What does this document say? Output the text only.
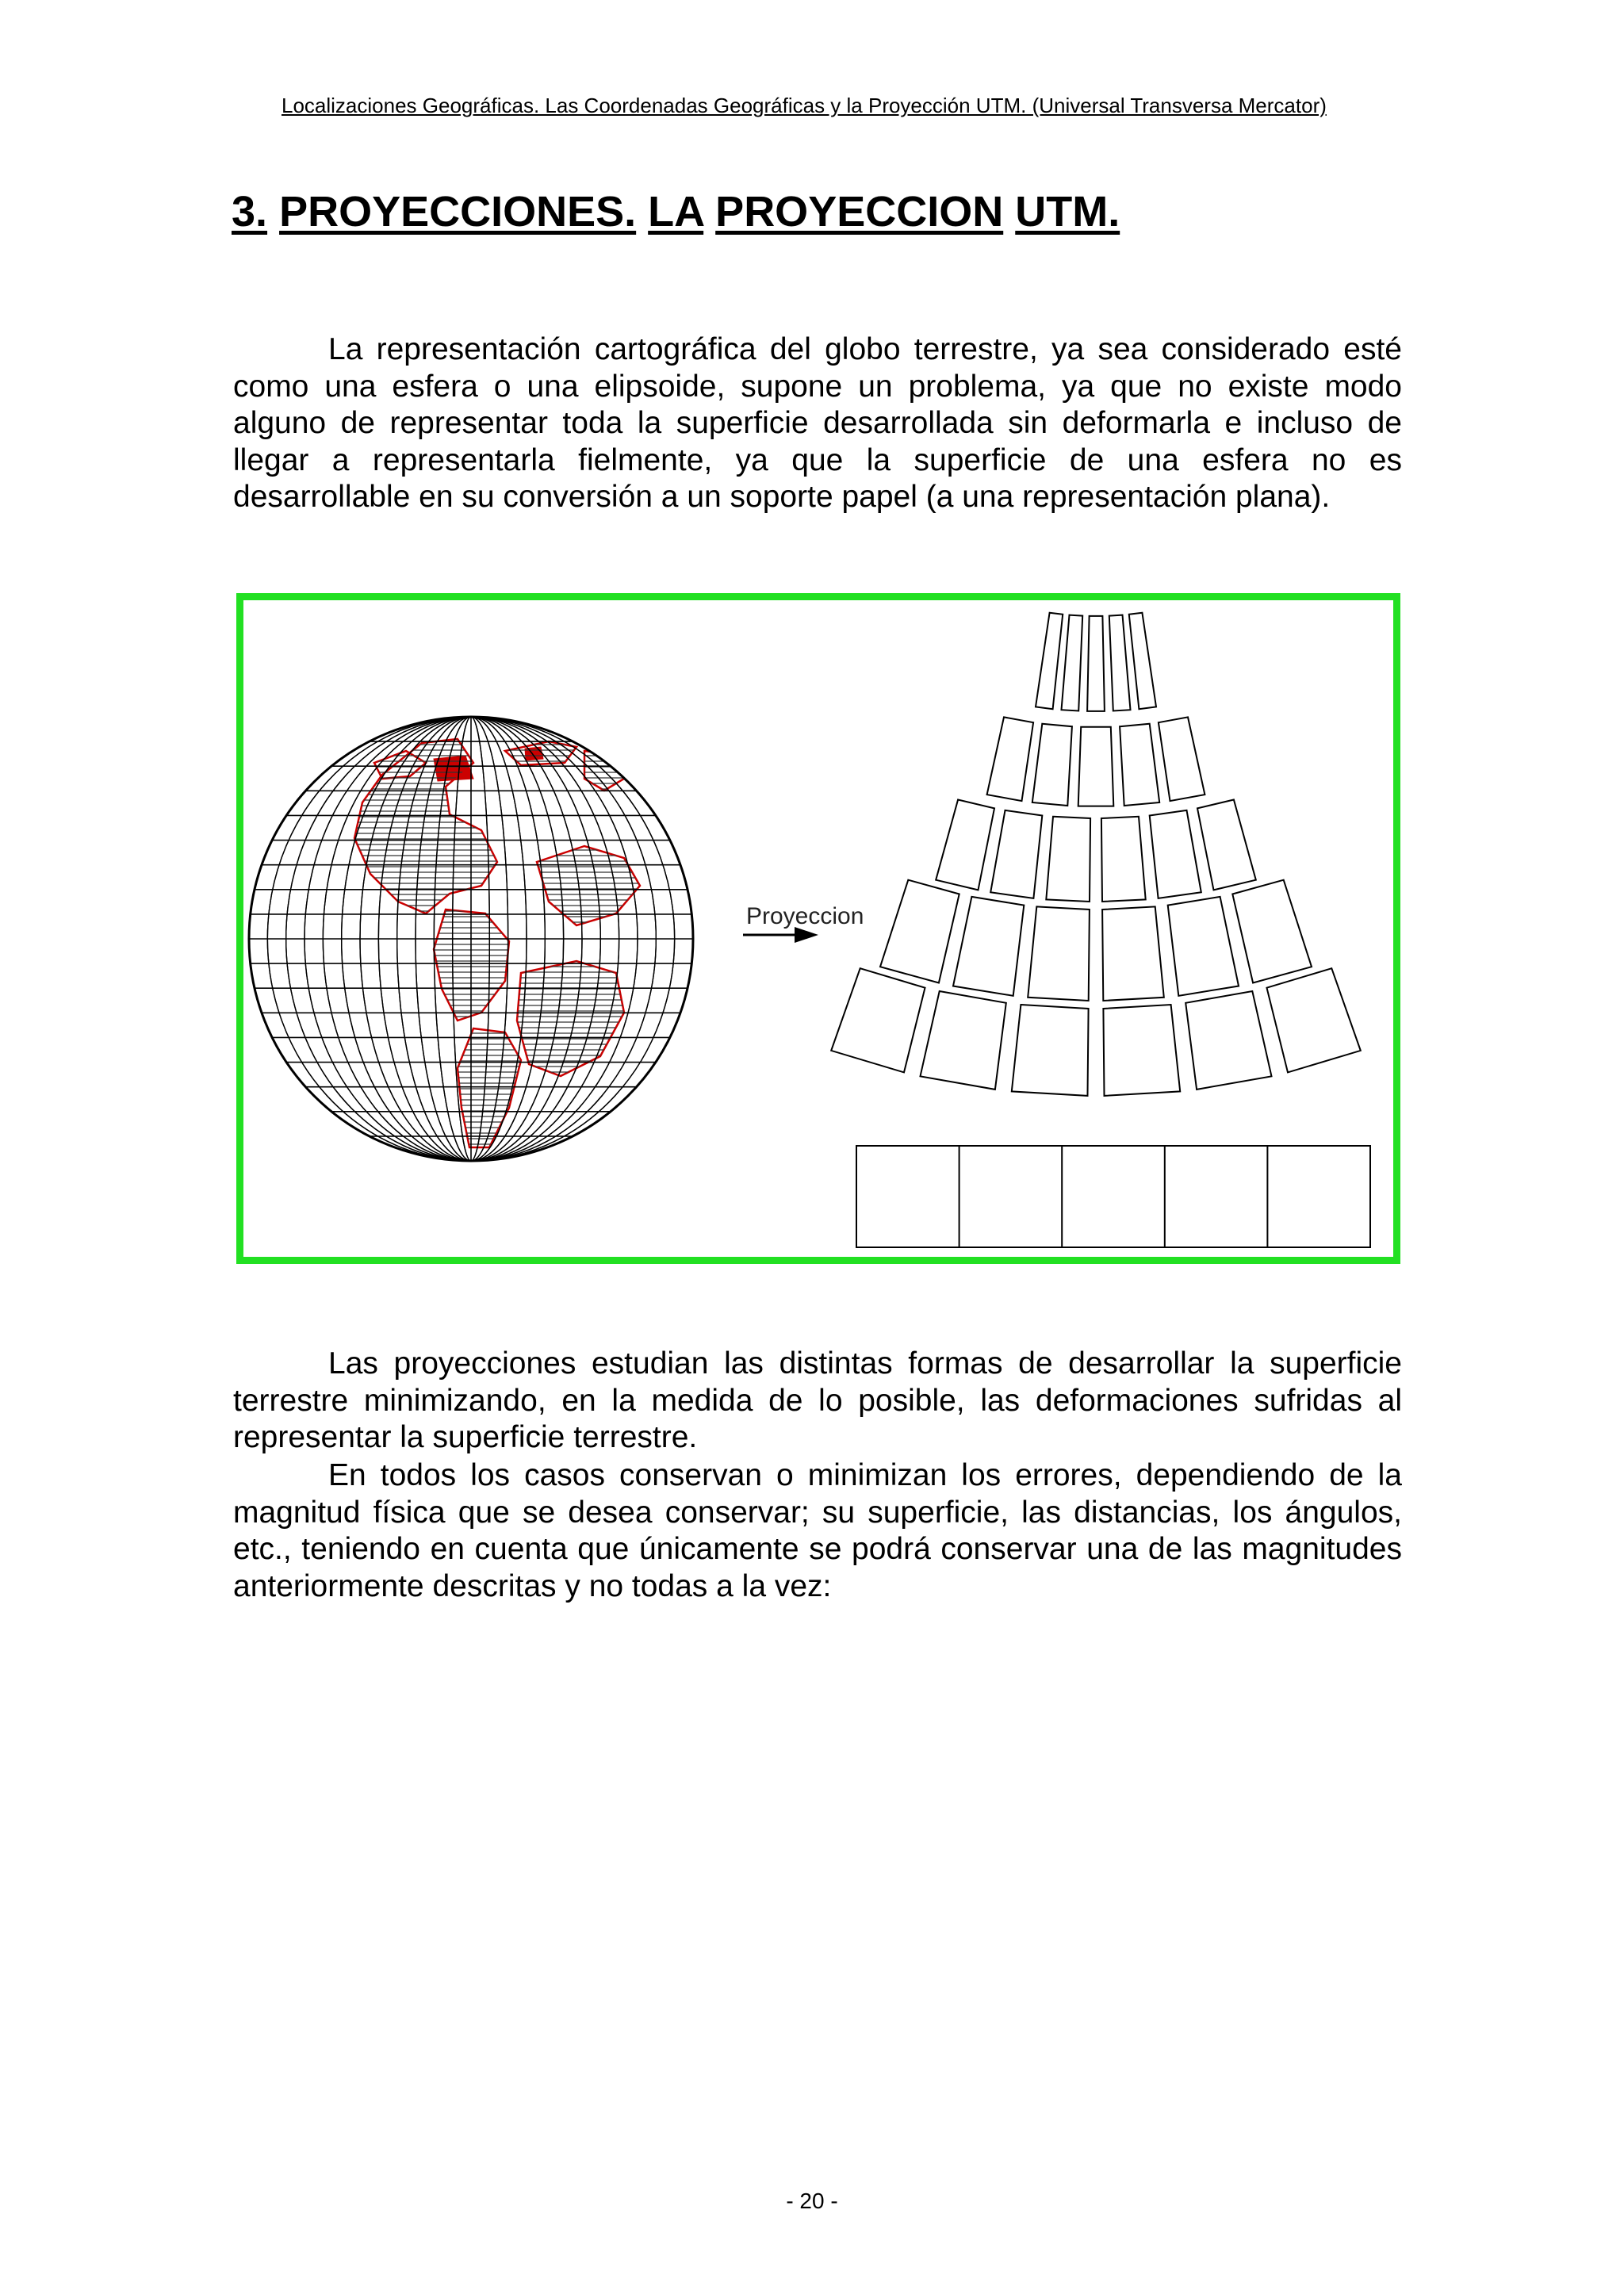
Localizaciones Geográficas. Las Coordenadas Geográficas y la Proyección UTM. (Universal Transversa Mercator)
3. PROYECCIONES. LA PROYECCION UTM.

La representación cartográfica del globo terrestre, ya sea considerado esté como una esfera o una elipsoide, supone un problema, ya que no existe modo alguno de representar toda la superficie desarrollada sin deformarla e incluso de llegar a representarla fielmente, ya que la superficie de una esfera no es desarrollable en su conversión a un soporte papel (a una representación plana).

Proyeccion

Las proyecciones estudian las distintas formas de desarrollar la superficie terrestre minimizando, en la medida de lo posible, las deformaciones sufridas al representar la superficie terrestre.

En todos los casos conservan o minimizan los errores, dependiendo de la magnitud física que se desea conservar; su superficie, las distancias, los ángulos, etc., teniendo en cuenta que únicamente se podrá conservar una de las magnitudes anteriormente descritas y no todas a la vez:

- 20 -
